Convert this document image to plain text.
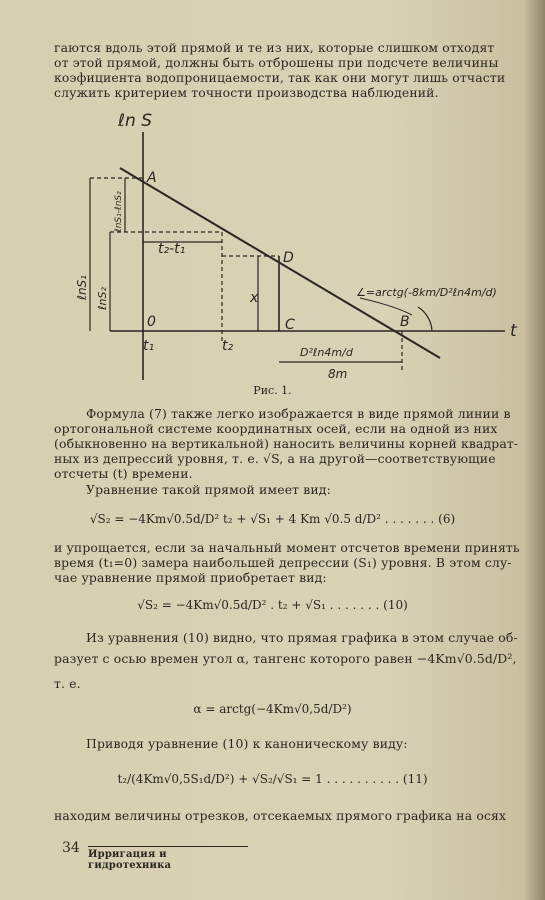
гаются вдоль этой прямой и те из них, которые слишком отходят
от этой прямой, должны быть отброшены при подсчете величины
коэфициента водопроницаемости, так как они могут лишь отчасти
служить критерием точности производства наблюдений.
ℓn S
t
A
D
C	B
0
t₁	t₂
t₂-t₁
x	∠=arctg(-8km/D²ℓn4m/d)
D²ℓn4m/d
8m
ℓnS₁ ℓnS₂
ℓnS₁-ℓnS₂
Рис. 1.
Формула (7) также легко изображается в виде прямой линии в
ортогональной системе координатных осей, если на одной из них
(обыкновенно на вертикальной) наносить величины корней квадрат-
ных из депрессий уровня, т. е. √S, а на другой—соответствующие
отсчеты (t) времени.
Уравнение такой прямой имеет вид:
√S₂ = −4Km√0.5d/D² t₂ + √S₁ + 4 Km √0.5 d/D² . . . . . . . (6)
и упрощается, если за начальный момент отсчетов времени принять
время (t₁=0) замера наибольшей депрессии (S₁) уровня. В этом слу-
чае уравнение прямой приобретает вид:
√S₂ = −4Km√0.5d/D² . t₂ + √S₁ . . . . . . . (10)
Из уравнения (10) видно, что прямая графика в этом случае об-
разует с осью времен угол α, тангенс которого равен −4Km√0.5d/D²,
т. е.
α = arctg(−4Km√0,5d/D²)
Приводя уравнение (10) к каноническому виду:
t₂/(4Km√0,5S₁d/D²) + √S₂/√S₁ = 1 . . . . . . . . . . (11)
находим величины отрезков, отсекаемых прямого графика на осях
34 Ирригация и гидротехника
